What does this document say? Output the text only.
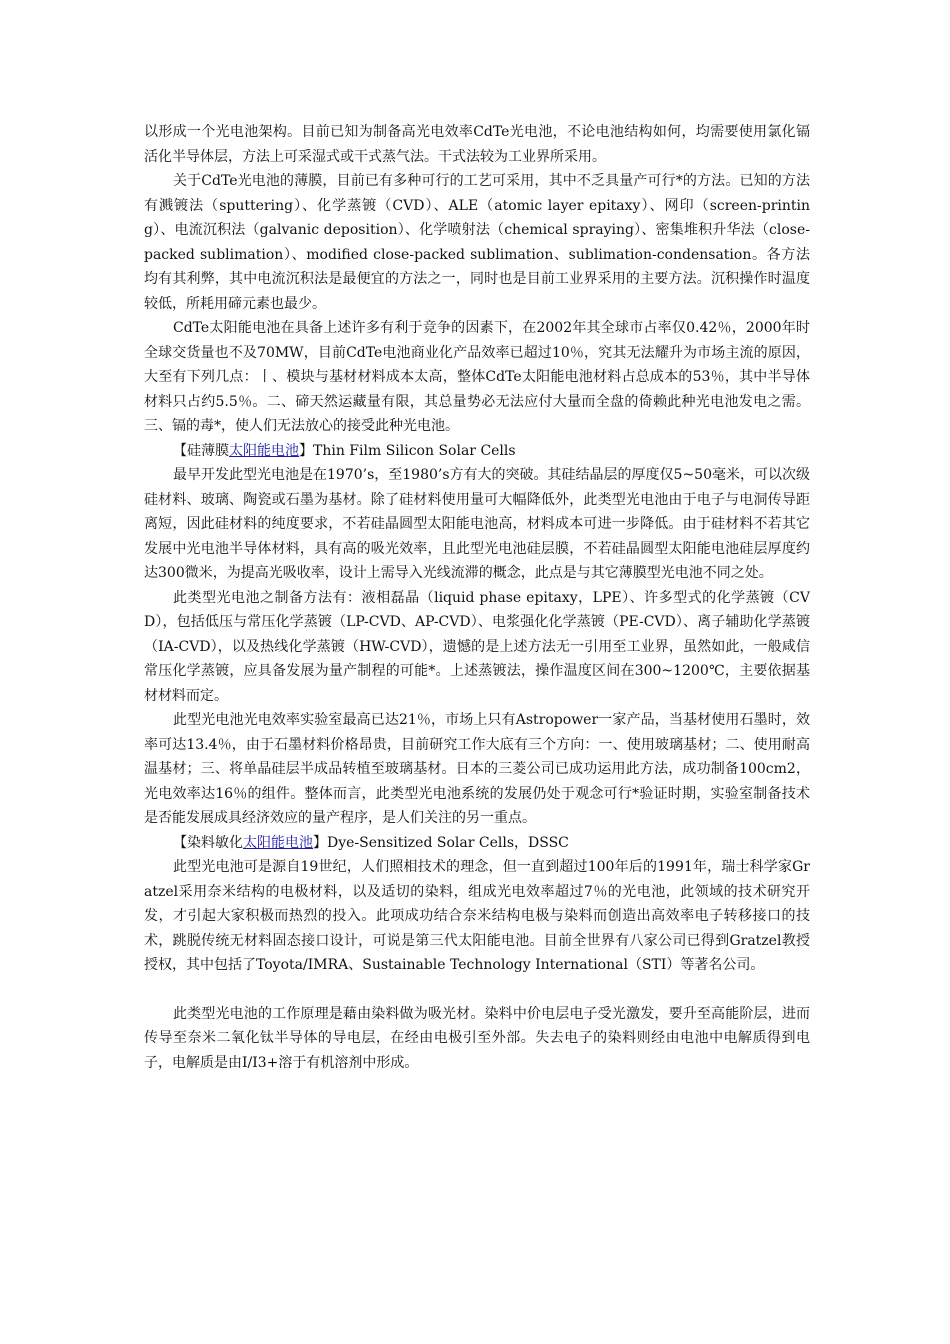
以形成一个光电池架构。目前已知为制备高光电效率CdTe光电池，不论电池结构如何，均需要使用氯化镉活化半导体层，方法上可采湿式或干式蒸气法。干式法较为工业界所采用。

关于CdTe光电池的薄膜，目前已有多种可行的工艺可采用，其中不乏具量产可行*的方法。已知的方法有溅镀法（sputtering）、化学蒸镀（CVD）、ALE（atomic layer epitaxy）、网印（screen-printing）、电流沉积法（galvanic deposition）、化学喷射法（chemical spraying）、密集堆积升华法（close-packed sublimation）、modified close-packed sublimation、sublimation-condensation。各方法均有其利弊，其中电流沉积法是最便宜的方法之一，同时也是目前工业界采用的主要方法。沉积操作时温度较低，所耗用碲元素也最少。

CdTe太阳能电池在具备上述许多有利于竞争的因素下，在2002年其全球市占率仅0.42％，2000年时全球交货量也不及70MW，目前CdTe电池商业化产品效率已超过10％，究其无法耀升为市场主流的原因，大至有下列几点：丨、模块与基材材料成本太高，整体CdTe太阳能电池材料占总成本的53％，其中半导体材料只占约5.5％。二、碲天然运藏量有限，其总量势必无法应付大量而全盘的倚赖此种光电池发电之需。三、镉的毒*，使人们无法放心的接受此种光电池。

【硅薄膜太阳能电池】Thin Film Silicon Solar Cells

最早开发此型光电池是在1970’s，至1980’s方有大的突破。其硅结晶层的厚度仅5~50毫米，可以次级硅材料、玻璃、陶瓷或石墨为基材。除了硅材料使用量可大幅降低外，此类型光电池由于电子与电洞传导距离短，因此硅材料的纯度要求，不若硅晶圆型太阳能电池高，材料成本可进一步降低。由于硅材料不若其它发展中光电池半导体材料，具有高的吸光效率，且此型光电池硅层膜，不若硅晶圆型太阳能电池硅层厚度约达300微米，为提高光吸收率，设计上需导入光线流滞的概念，此点是与其它薄膜型光电池不同之处。

此类型光电池之制备方法有：液相磊晶（liquid phase epitaxy，LPE）、许多型式的化学蒸镀（CVD），包括低压与常压化学蒸镀（LP-CVD、AP-CVD）、电浆强化化学蒸镀（PE-CVD）、离子辅助化学蒸镀（IA-CVD），以及热线化学蒸镀（HW-CVD），遗憾的是上述方法无一引用至工业界，虽然如此，一般咸信常压化学蒸镀，应具备发展为量产制程的可能*。上述蒸镀法，操作温度区间在300~1200℃，主要依据基材材料而定。

此型光电池光电效率实验室最高已达21％，市场上只有Astropower一家产品，当基材使用石墨时，效率可达13.4％，由于石墨材料价格昂贵，目前研究工作大底有三个方向：一、使用玻璃基材；二、使用耐高温基材；三、将单晶硅层半成品转植至玻璃基材。日本的三菱公司已成功运用此方法，成功制备100cm2，光电效率达16％的组件。整体而言，此类型光电池系统的发展仍处于观念可行*验证时期，实验室制备技术是否能发展成具经济效应的量产程序，是人们关注的另一重点。

【染料敏化太阳能电池】Dye-Sensitized Solar Cells，DSSC

此型光电池可是源自19世纪，人们照相技术的理念，但一直到超过100年后的1991年，瑞士科学家Gratzel采用奈米结构的电极材料，以及适切的染料，组成光电效率超过7％的光电池，此领域的技术研究开发，才引起大家积极而热烈的投入。此项成功结合奈米结构电极与染料而创造出高效率电子转移接口的技术，跳脱传统无材料固态接口设计，可说是第三代太阳能电池。目前全世界有八家公司已得到Gratzel教授授权，其中包括了Toyota/IMRA、Sustainable Technology International（STI）等著名公司。

此类型光电池的工作原理是藉由染料做为吸光材。染料中价电层电子受光激发，要升至高能阶层，进而传导至奈米二氧化钛半导体的导电层，在经由电极引至外部。失去电子的染料则经由电池中电解质得到电子，电解质是由I/I3+溶于有机溶剂中形成。
